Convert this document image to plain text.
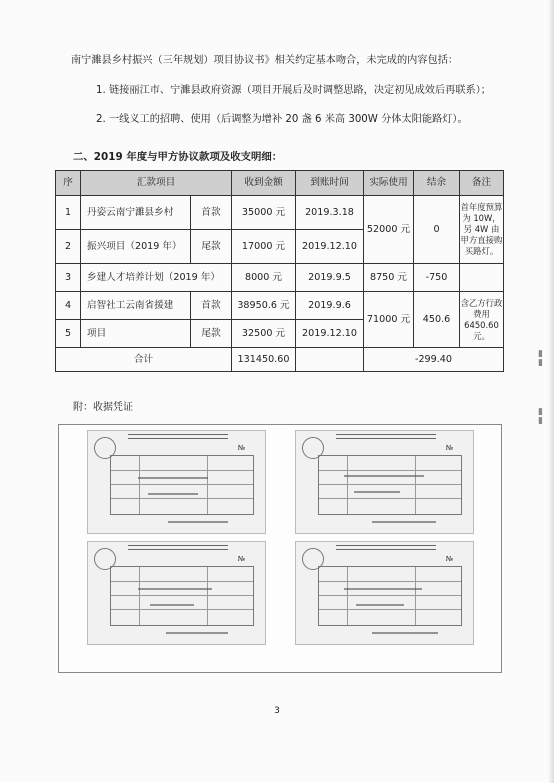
▮
▮
▮
▮
南宁濉县乡村振兴（三年规划）项目协议书》相关约定基本吻合，未完成的内容包括：
1. 链接丽江市、宁濉县政府资源（项目开展后及时调整思路，决定初见成效后再联系）；
2. 一线义工的招聘、使用（后调整为增补 20 盏 6 米高 300W 分体太阳能路灯）。
二、2019 年度与甲方协议款项及收支明细：
序	汇款项目		收到金额	到账时间	实际使用	结余	备注
1	丹姿云南宁濉县乡村	首款	35000 元	2019.3.18	52000 元	0	首年度预算为 10W，另 4W 由甲方直接购买路灯。
2	振兴项目（2019 年）	尾款	17000 元	2019.12.10			
3	乡建人才培养计划（2019 年）		8000 元	2019.9.5	8750 元	-750	
4	启智社工云南省援建	首款	38950.6 元	2019.9.6	71000 元	450.6	含乙方行政费用 6450.60 元。
5	项目	尾款	32500 元	2019.12.10			
合计			131450.60		-299.40		
附：收据凭证
№	№
№	№
3
